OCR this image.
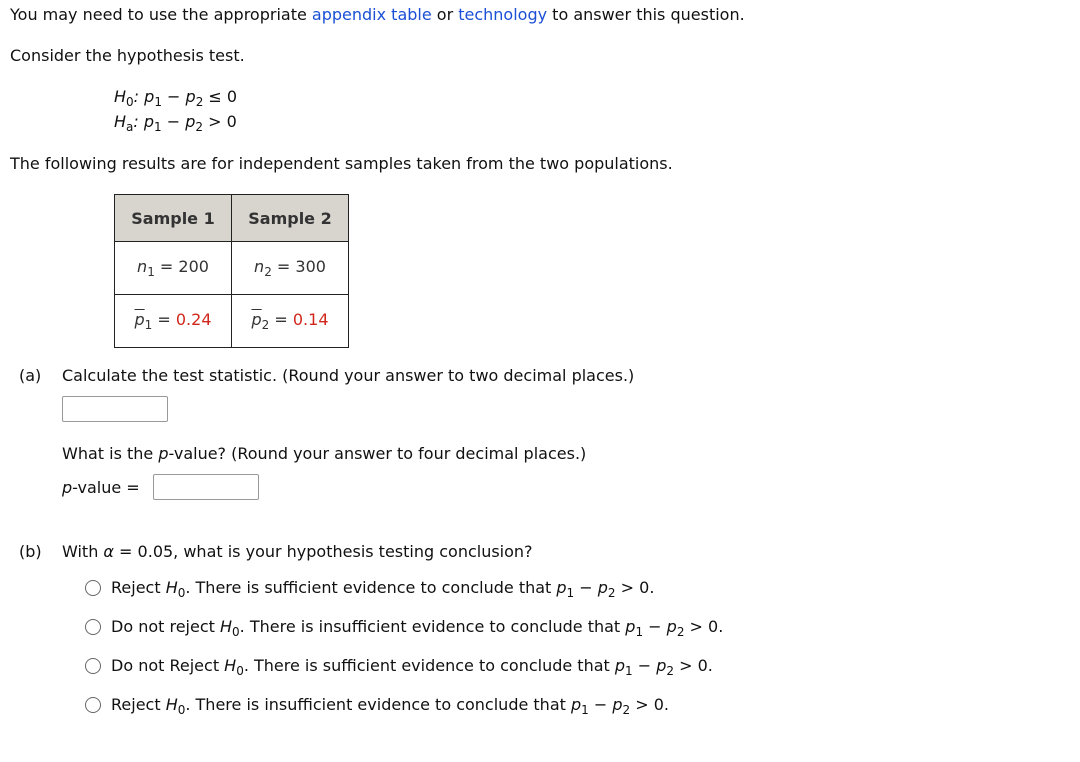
You may need to use the appropriate appendix table or technology to answer this question.
Consider the hypothesis test.
$H_0$: $p_1 - p_2 \le 0$
$H_a$: $p_1 - p_2 > 0$
The following results are for independent samples taken from the two populations.
Sample 1	Sample 2
$n_1 = 200$	$n_2 = 300$
$\overline{p}_1 = 0.24$	$\overline{p}_2 = 0.14$
(a) Calculate the test statistic. (Round your answer to two decimal places.)
What is the p-value? (Round your answer to four decimal places.)
p-value =
(b) With α = 0.05, what is your hypothesis testing conclusion?
Reject $H_0$. There is sufficient evidence to conclude that $p_1 - p_2 > 0$.
Do not reject $H_0$. There is insufficient evidence to conclude that $p_1 - p_2 > 0$.
Do not Reject $H_0$. There is sufficient evidence to conclude that $p_1 - p_2 > 0$.
Reject $H_0$. There is insufficient evidence to conclude that $p_1 - p_2 > 0$.
